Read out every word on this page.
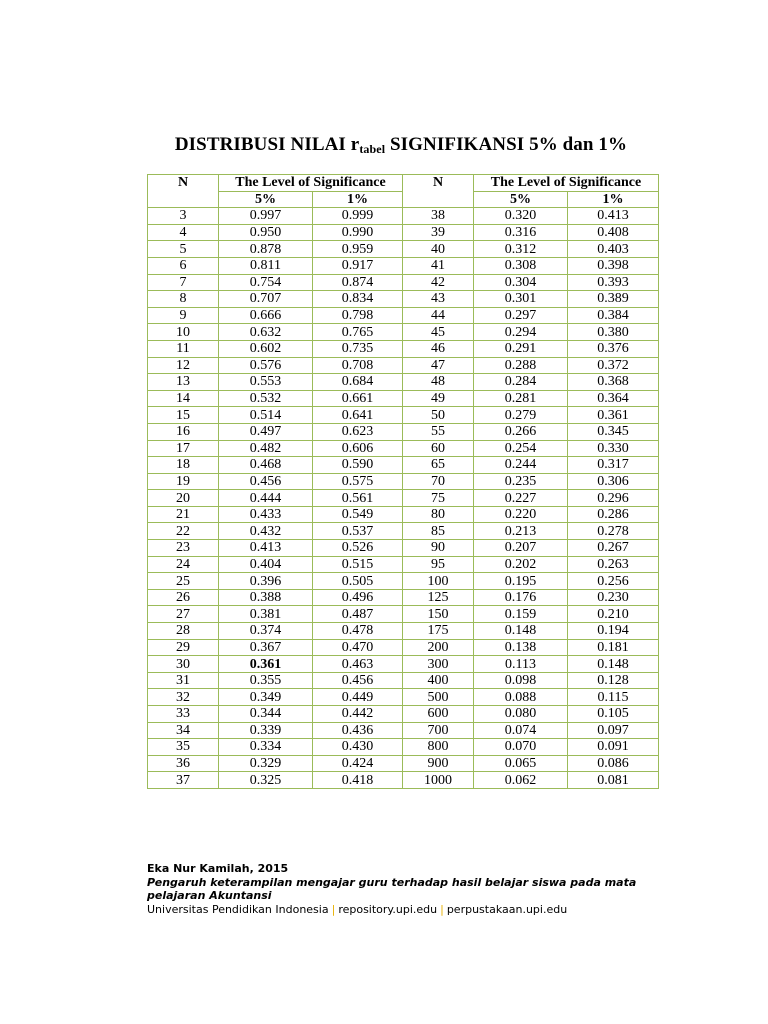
DISTRIBUSI NILAI $r_{tabel}$ SIGNIFIKANSI 5% dan 1%
N	The Level of Significance		N	The Level of Significance	
	5%	1%		5%	1%
3	0.997	0.999	38	0.320	0.413
4	0.950	0.990	39	0.316	0.408
5	0.878	0.959	40	0.312	0.403
6	0.811	0.917	41	0.308	0.398
7	0.754	0.874	42	0.304	0.393
8	0.707	0.834	43	0.301	0.389
9	0.666	0.798	44	0.297	0.384
10	0.632	0.765	45	0.294	0.380
11	0.602	0.735	46	0.291	0.376
12	0.576	0.708	47	0.288	0.372
13	0.553	0.684	48	0.284	0.368
14	0.532	0.661	49	0.281	0.364
15	0.514	0.641	50	0.279	0.361
16	0.497	0.623	55	0.266	0.345
17	0.482	0.606	60	0.254	0.330
18	0.468	0.590	65	0.244	0.317
19	0.456	0.575	70	0.235	0.306
20	0.444	0.561	75	0.227	0.296
21	0.433	0.549	80	0.220	0.286
22	0.432	0.537	85	0.213	0.278
23	0.413	0.526	90	0.207	0.267
24	0.404	0.515	95	0.202	0.263
25	0.396	0.505	100	0.195	0.256
26	0.388	0.496	125	0.176	0.230
27	0.381	0.487	150	0.159	0.210
28	0.374	0.478	175	0.148	0.194
29	0.367	0.470	200	0.138	0.181
30	0.361	0.463	300	0.113	0.148
31	0.355	0.456	400	0.098	0.128
32	0.349	0.449	500	0.088	0.115
33	0.344	0.442	600	0.080	0.105
34	0.339	0.436	700	0.074	0.097
35	0.334	0.430	800	0.070	0.091
36	0.329	0.424	900	0.065	0.086
37	0.325	0.418	1000	0.062	0.081
Eka Nur Kamilah, 2015
Pengaruh keterampilan mengajar guru terhadap hasil belajar siswa pada mata pelajaran Akuntansi
Universitas Pendidikan Indonesia | repository.upi.edu | perpustakaan.upi.edu
